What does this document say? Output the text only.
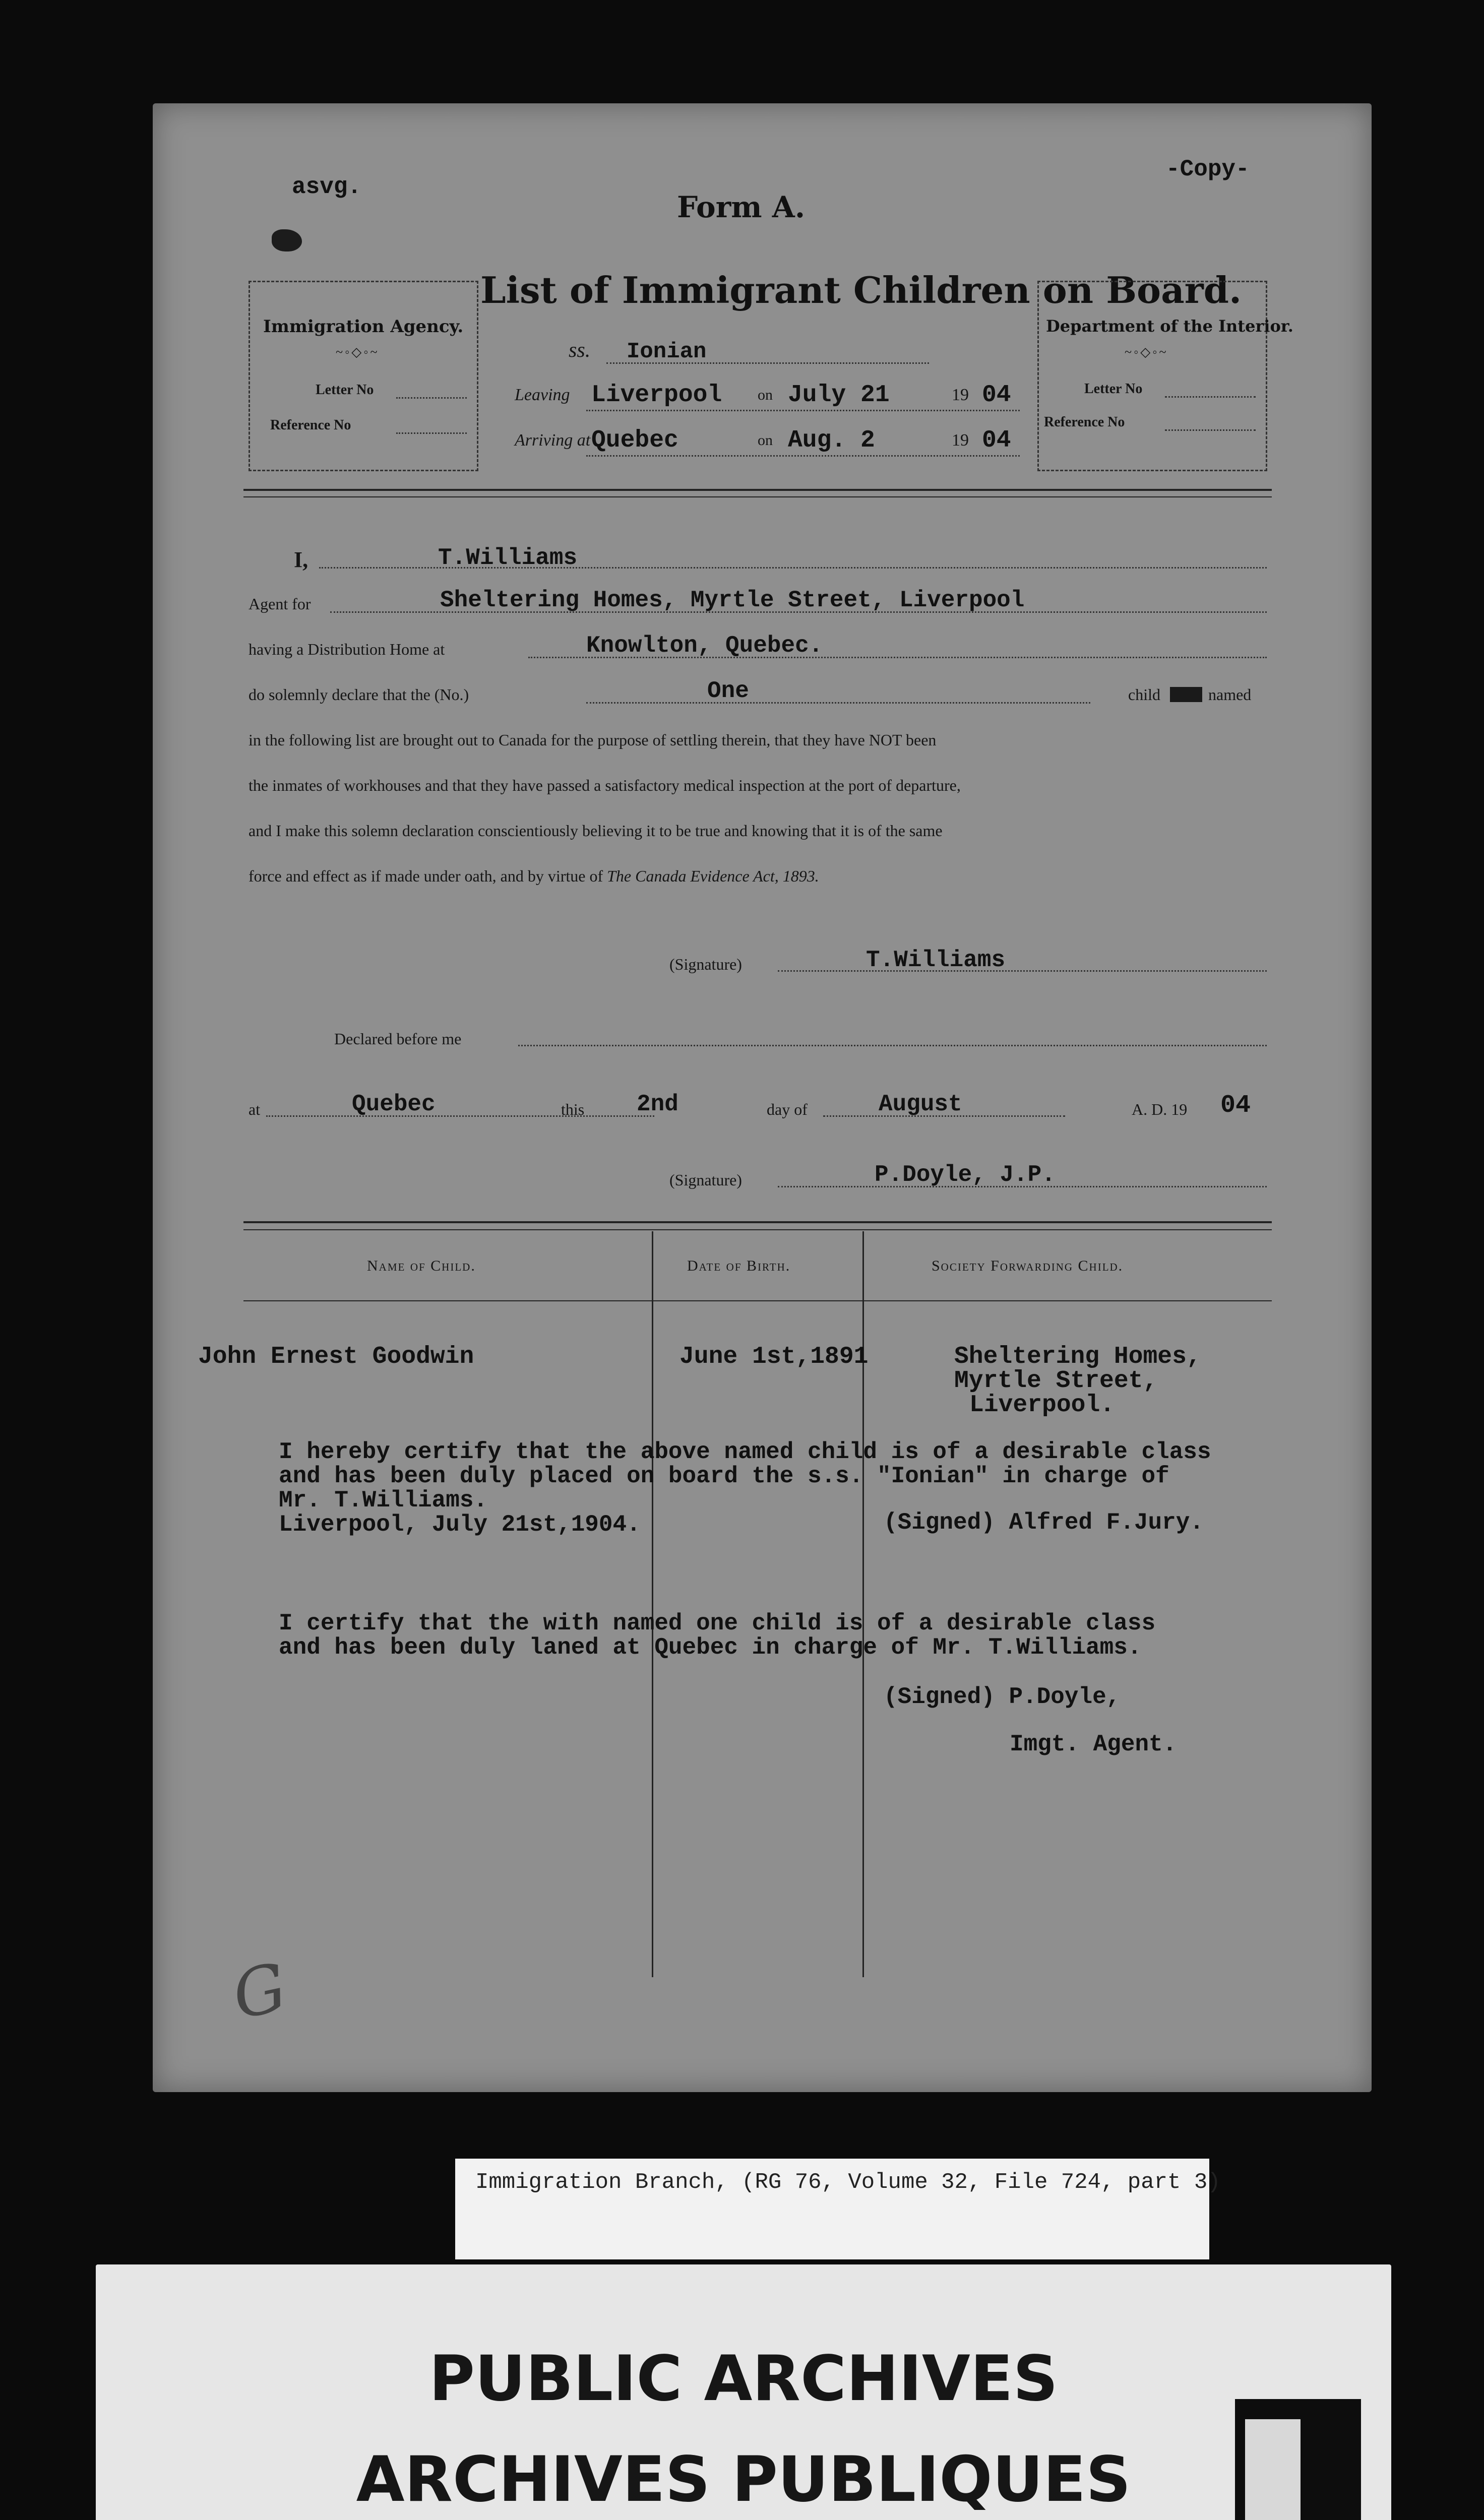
asvg.
-Copy-
Form A.
Immigration Agency.
~◦◇◦~
Letter No
Reference No
List of Immigrant Children on Board.
ss. Ionian
Leaving Liverpool on July 21	19 04
Arriving at Quebec	on Aug. 2	19 04
Department of the Interior.
~◦◇◦~
Letter No
Reference No
I,	T.Williams
Agent for	Sheltering Homes, Myrtle Street, Liverpool
having a Distribution Home at	Knowlton, Quebec.
do solemnly declare that the (No.)	One	child	named
in the following list are brought out to Canada for the purpose of settling therein, that they have NOT been
the inmates of workhouses and that they have passed a satisfactory medical inspection at the port of departure,
and I make this solemn declaration conscientiously believing it to be true and knowing that it is of the same
force and effect as if made under oath, and by virtue of The Canada Evidence Act, 1893.
(Signature)	T.Williams
Declared before me
at	Quebec	this 2nd	day of	August	A. D. 19 04
(Signature)	P.Doyle, J.P.
Name of Child.	Date of Birth.	Society Forwarding Child.
John Ernest Goodwin	June 1st,1891	Sheltering Homes,
Myrtle Street,
Liverpool.
I hereby certify that the above named child is of a desirable class
and has been duly placed on board the s.s. "Ionian" in charge of
Mr. T.Williams.
Liverpool, July 21st,1904.	(Signed) Alfred F.Jury.
I certify that the with named one child is of a desirable class
and has been duly laned at Quebec in charge of Mr. T.Williams.
(Signed) P.Doyle,
Imgt. Agent.
G
Immigration Branch, (RG 76, Volume 32, File 724, part 3)
PUBLIC ARCHIVES
ARCHIVES PUBLIQUES
